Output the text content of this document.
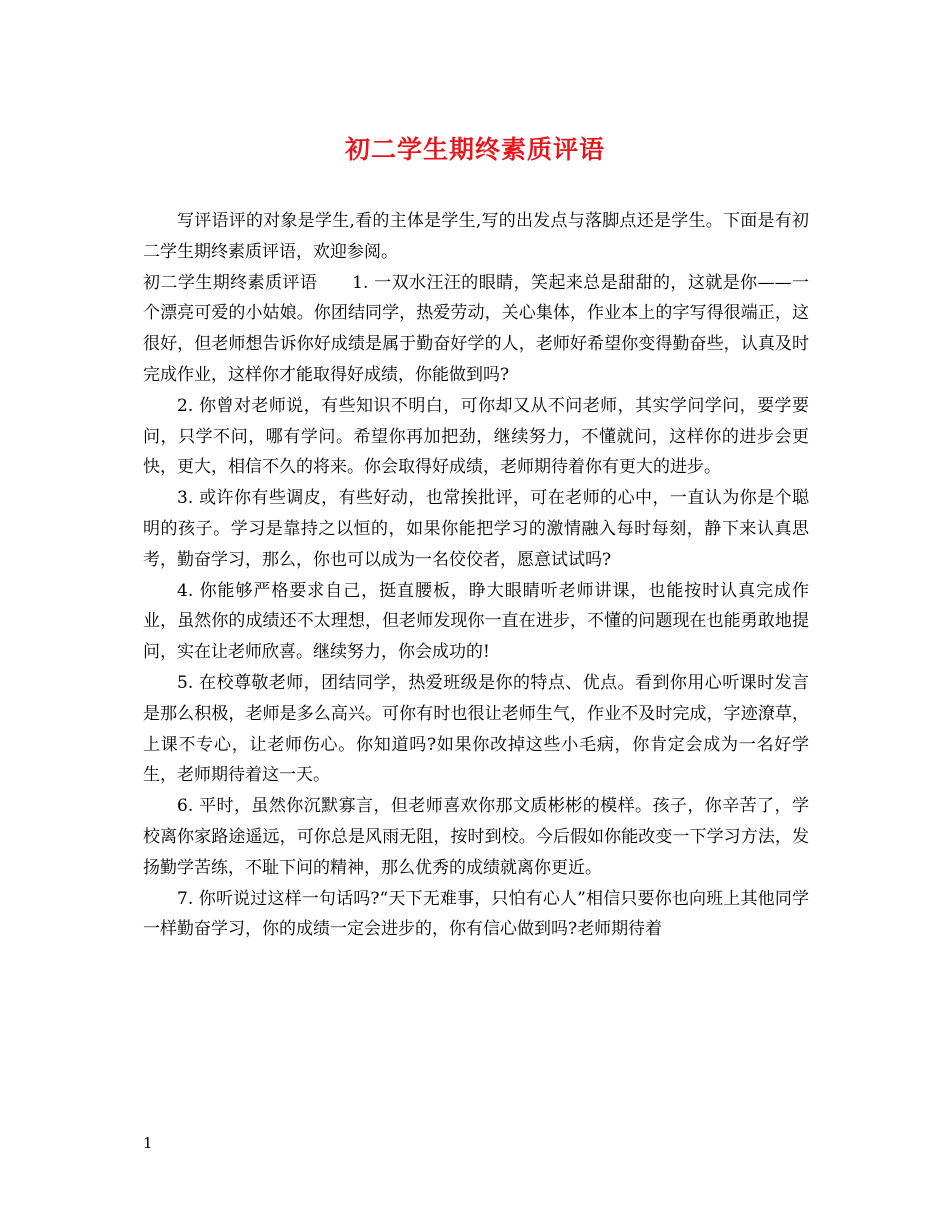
初二学生期终素质评语

写评语评的对象是学生,看的主体是学生,写的出发点与落脚点还是学生。下面是有初二学生期终素质评语，欢迎参阅。

初二学生期终素质评语　　1. 一双水汪汪的眼睛，笑起来总是甜甜的，这就是你——一个漂亮可爱的小姑娘。你团结同学，热爱劳动，关心集体，作业本上的字写得很端正，这很好，但老师想告诉你好成绩是属于勤奋好学的人，老师好希望你变得勤奋些，认真及时完成作业，这样你才能取得好成绩，你能做到吗?

2. 你曾对老师说，有些知识不明白，可你却又从不问老师，其实学问学问，要学要问，只学不问，哪有学问。希望你再加把劲，继续努力，不懂就问，这样你的进步会更快，更大，相信不久的将来。你会取得好成绩，老师期待着你有更大的进步。

3. 或许你有些调皮，有些好动，也常挨批评，可在老师的心中，一直认为你是个聪明的孩子。学习是靠持之以恒的，如果你能把学习的激情融入每时每刻，静下来认真思考，勤奋学习，那么，你也可以成为一名佼佼者，愿意试试吗?

4. 你能够严格要求自己，挺直腰板，睁大眼睛听老师讲课，也能按时认真完成作业，虽然你的成绩还不太理想，但老师发现你一直在进步，不懂的问题现在也能勇敢地提问，实在让老师欣喜。继续努力，你会成功的!

5. 在校尊敬老师，团结同学，热爱班级是你的特点、优点。看到你用心听课时发言是那么积极，老师是多么高兴。可你有时也很让老师生气，作业不及时完成，字迹潦草，上课不专心，让老师伤心。你知道吗?如果你改掉这些小毛病，你肯定会成为一名好学生，老师期待着这一天。

6. 平时，虽然你沉默寡言，但老师喜欢你那文质彬彬的模样。孩子，你辛苦了，学校离你家路途遥远，可你总是风雨无阻，按时到校。今后假如你能改变一下学习方法，发扬勤学苦练，不耻下问的精神，那么优秀的成绩就离你更近。

7. 你听说过这样一句话吗?“天下无难事，只怕有心人”相信只要你也向班上其他同学一样勤奋学习，你的成绩一定会进步的，你有信心做到吗?老师期待着

1
